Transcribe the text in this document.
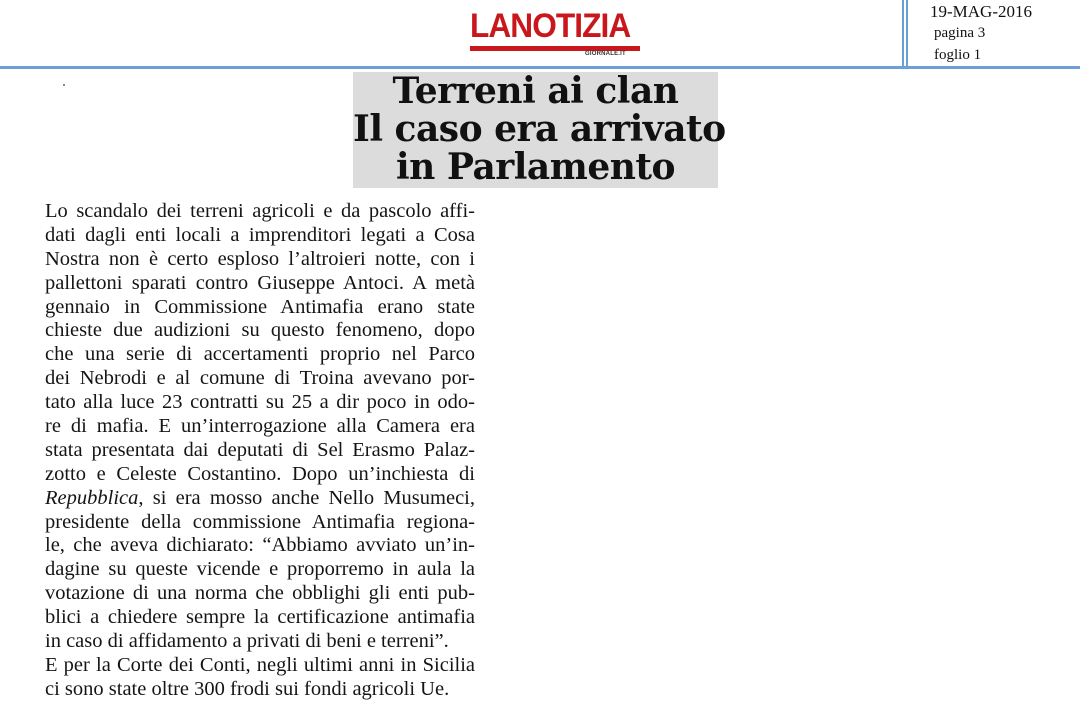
LANOTIZIA
GIORNALE.IT
19-MAG-2016
pagina 3
foglio 1
Terreni ai clan
Il caso era arrivato
in Parlamento
Lo scandalo dei terreni agricoli e da pascolo affi-
dati dagli enti locali a imprenditori legati a Cosa
Nostra non è certo esploso l’altroieri notte, con i
pallettoni sparati contro Giuseppe Antoci. A metà
gennaio in Commissione Antimafia erano state
chieste due audizioni su questo fenomeno, dopo
che una serie di accertamenti proprio nel Parco
dei Nebrodi e al comune di Troina avevano por-
tato alla luce 23 contratti su 25 a dir poco in odo-
re di mafia. E un’interrogazione alla Camera era
stata presentata dai deputati di Sel Erasmo Palaz-
zotto e Celeste Costantino. Dopo un’inchiesta di
Repubblica, si era mosso anche Nello Musumeci,
presidente della commissione Antimafia regiona-
le, che aveva dichiarato: “Abbiamo avviato un’in-
dagine su queste vicende e proporremo in aula la
votazione di una norma che obblighi gli enti pub-
blici a chiedere sempre la certificazione antimafia
in caso di affidamento a privati di beni e terreni”.
E per la Corte dei Conti, negli ultimi anni in Sicilia
ci sono state oltre 300 frodi sui fondi agricoli Ue.
